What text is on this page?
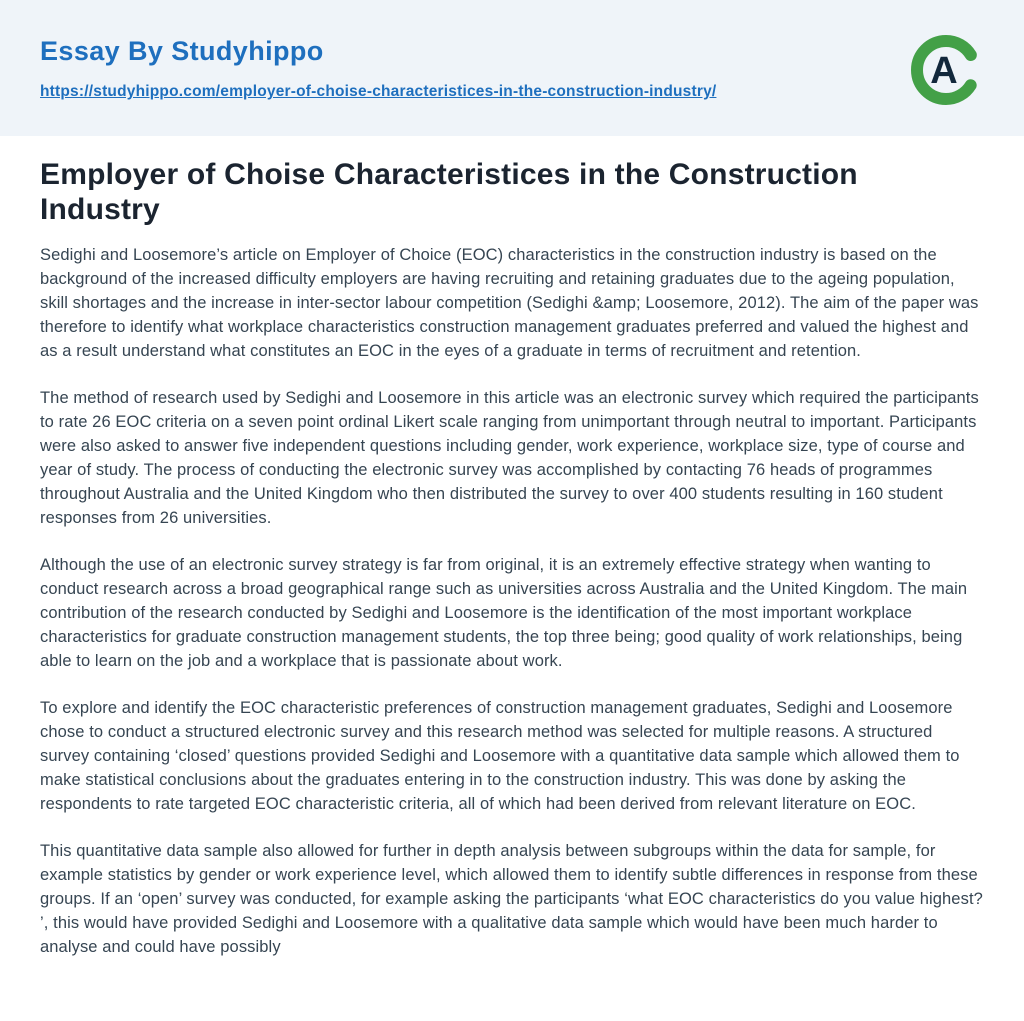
Essay By Studyhippo
https://studyhippo.com/employer-of-choise-characteristices-in-the-construction-industry/	A
Employer of Choise Characteristices in the Construction Industry

Sedighi and Loosemore’s article on Employer of Choice (EOC) characteristics in the construction industry is based on the background of the increased difficulty employers are having recruiting and retaining graduates due to the ageing population, skill shortages and the increase in inter-sector labour competition (Sedighi &amp; Loosemore, 2012). The aim of the paper was therefore to identify what workplace characteristics construction management graduates preferred and valued the highest and as a result understand what constitutes an EOC in the eyes of a graduate in terms of recruitment and retention.

The method of research used by Sedighi and Loosemore in this article was an electronic survey which required the participants to rate 26 EOC criteria on a seven point ordinal Likert scale ranging from unimportant through neutral to important. Participants were also asked to answer five independent questions including gender, work experience, workplace size, type of course and year of study. The process of conducting the electronic survey was accomplished by contacting 76 heads of programmes throughout Australia and the United Kingdom who then distributed the survey to over 400 students resulting in 160 student responses from 26 universities.

Although the use of an electronic survey strategy is far from original, it is an extremely effective strategy when wanting to conduct research across a broad geographical range such as universities across Australia and the United Kingdom. The main contribution of the research conducted by Sedighi and Loosemore is the identification of the most important workplace characteristics for graduate construction management students, the top three being; good quality of work relationships, being able to learn on the job and a workplace that is passionate about work.

To explore and identify the EOC characteristic preferences of construction management graduates, Sedighi and Loosemore chose to conduct a structured electronic survey and this research method was selected for multiple reasons. A structured survey containing ‘closed’ questions provided Sedighi and Loosemore with a quantitative data sample which allowed them to make statistical conclusions about the graduates entering in to the construction industry. This was done by asking the respondents to rate targeted EOC characteristic criteria, all of which had been derived from relevant literature on EOC.

This quantitative data sample also allowed for further in depth analysis between subgroups within the data for sample, for example statistics by gender or work experience level, which allowed them to identify subtle differences in response from these groups. If an ‘open’ survey was conducted, for example asking the participants ‘what EOC characteristics do you value highest? ’, this would have provided Sedighi and Loosemore with a qualitative data sample which would have been much harder to analyse and could have possibly
